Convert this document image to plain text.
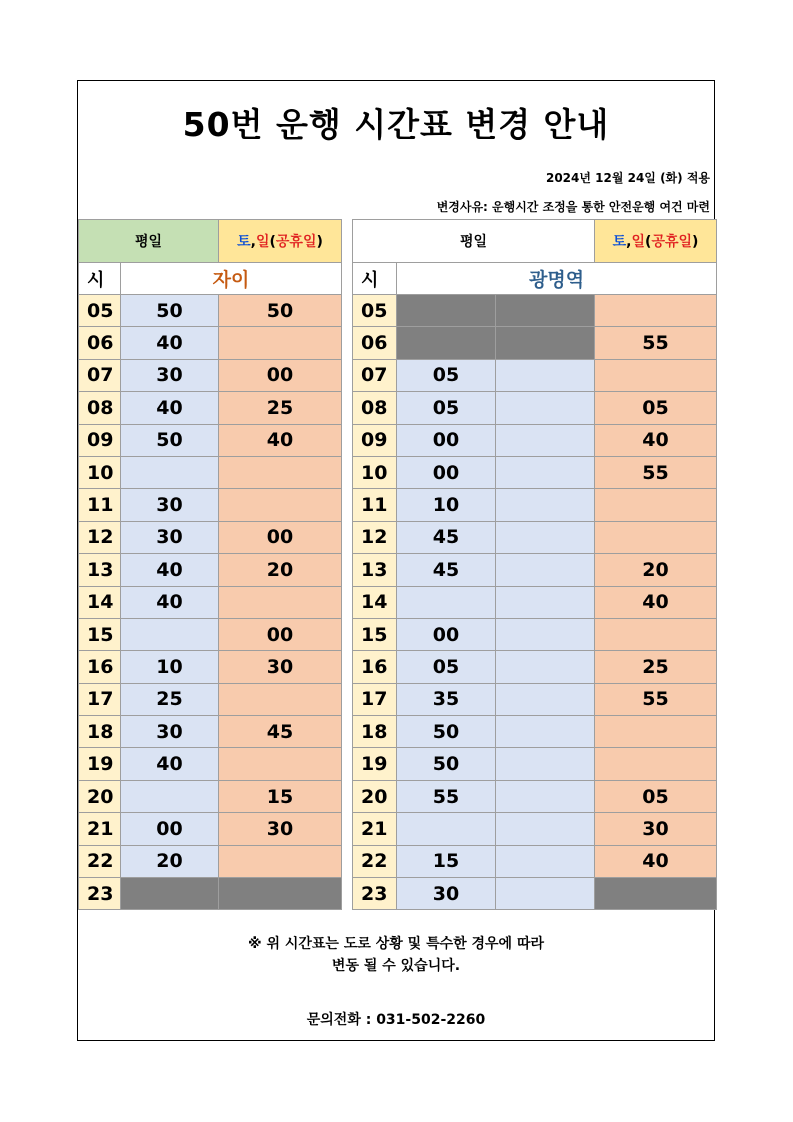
50번 운행 시간표 변경 안내
2024년 12월 24일 (화) 적용
변경사유: 운행시간 조정을 통한 안전운행 여건 마련
평일		토,일(공휴일)
시	자이	
05	50	50
06	40	
07	30	00
08	40	25
09	50	40
10		
11	30	
12	30	00
13	40	20
14	40	
15		00
16	10	30
17	25	
18	30	45
19	40	
20		15
21	00	30
22	20	
23		
평일			토,일(공휴일)
시	광명역		
05			
06			55
07	05		
08	05		05
09	00		40
10	00		55
11	10		
12	45		
13	45		20
14			40
15	00		
16	05		25
17	35		55
18	50		
19	50		
20	55		05
21			30
22	15		40
23	30		
※ 위 시간표는 도로 상황 및 특수한 경우에 따라
변동 될 수 있습니다.
문의전화 : 031-502-2260
